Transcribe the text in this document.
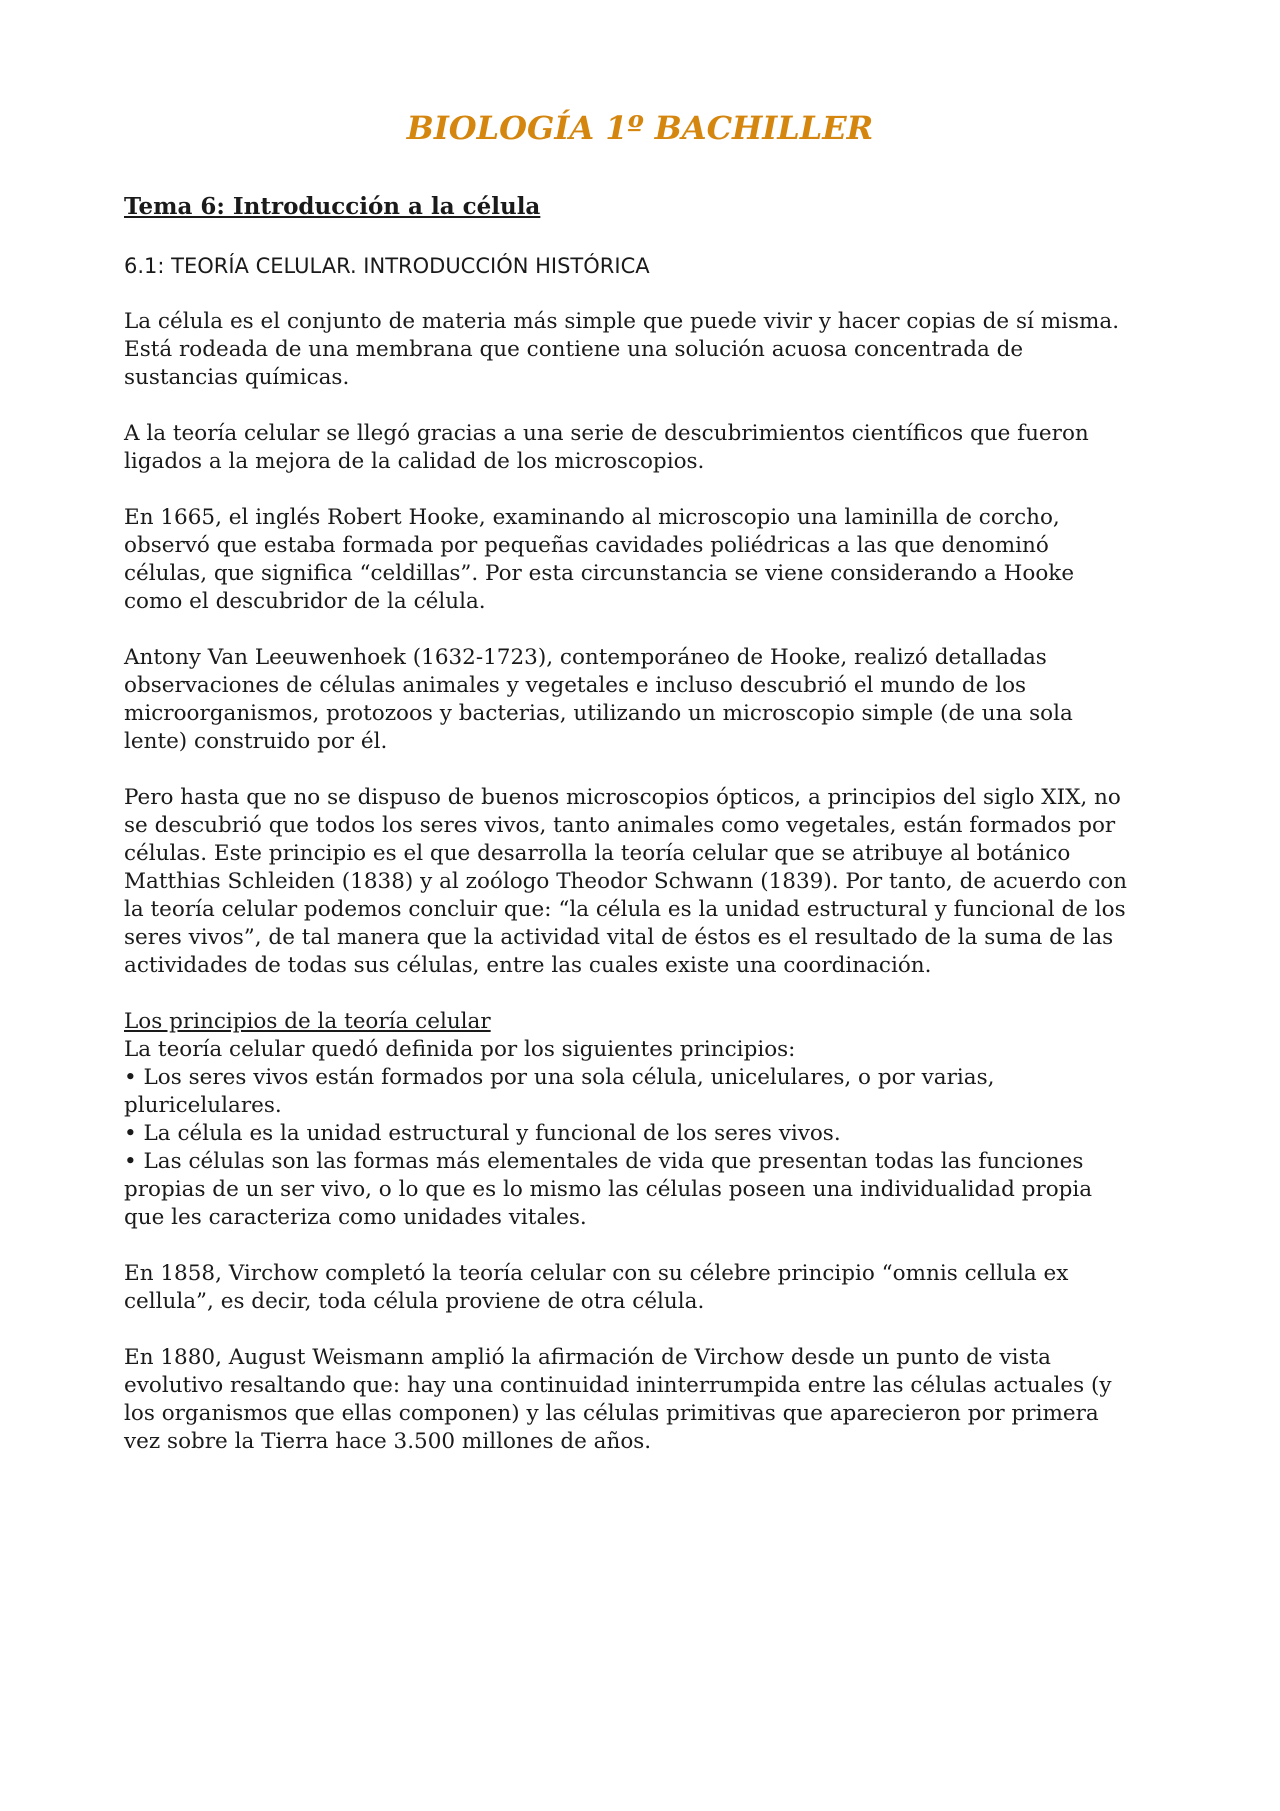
BIOLOGÍA 1º BACHILLER
Tema 6: Introducción a la célula
6.1: TEORÍA CELULAR. INTRODUCCIÓN HISTÓRICA

La célula es el conjunto de materia más simple que puede vivir y hacer copias de sí misma. Está rodeada de una membrana que contiene una solución acuosa concentrada de sustancias químicas.

A la teoría celular se llegó gracias a una serie de descubrimientos científicos que fueron ligados a la mejora de la calidad de los microscopios.

En 1665, el inglés Robert Hooke, examinando al microscopio una laminilla de corcho, observó que estaba formada por pequeñas cavidades poliédricas a las que denominó células, que significa “celdillas”. Por esta circunstancia se viene considerando a Hooke como el descubridor de la célula.

Antony Van Leeuwenhoek (1632-1723), contemporáneo de Hooke, realizó detalladas observaciones de células animales y vegetales e incluso descubrió el mundo de los microorganismos, protozoos y bacterias, utilizando un microscopio simple (de una sola lente) construido por él.

Pero hasta que no se dispuso de buenos microscopios ópticos, a principios del siglo XIX, no se descubrió que todos los seres vivos, tanto animales como vegetales, están formados por células. Este principio es el que desarrolla la teoría celular que se atribuye al botánico Matthias Schleiden (1838) y al zoólogo Theodor Schwann (1839). Por tanto, de acuerdo con la teoría celular podemos concluir que: “la célula es la unidad estructural y funcional de los seres vivos”, de tal manera que la actividad vital de éstos es el resultado de la suma de las actividades de todas sus células, entre las cuales existe una coordinación.

Los principios de la teoría celular
La teoría celular quedó definida por los siguientes principios:
• Los seres vivos están formados por una sola célula, unicelulares, o por varias, pluricelulares.
• La célula es la unidad estructural y funcional de los seres vivos.
• Las células son las formas más elementales de vida que presentan todas las funciones propias de un ser vivo, o lo que es lo mismo las células poseen una individualidad propia que les caracteriza como unidades vitales.

En 1858, Virchow completó la teoría celular con su célebre principio “omnis cellula ex cellula”, es decir, toda célula proviene de otra célula.

En 1880, August Weismann amplió la afirmación de Virchow desde un punto de vista evolutivo resaltando que: hay una continuidad ininterrumpida entre las células actuales (y los organismos que ellas componen) y las células primitivas que aparecieron por primera vez sobre la Tierra hace 3.500 millones de años.
